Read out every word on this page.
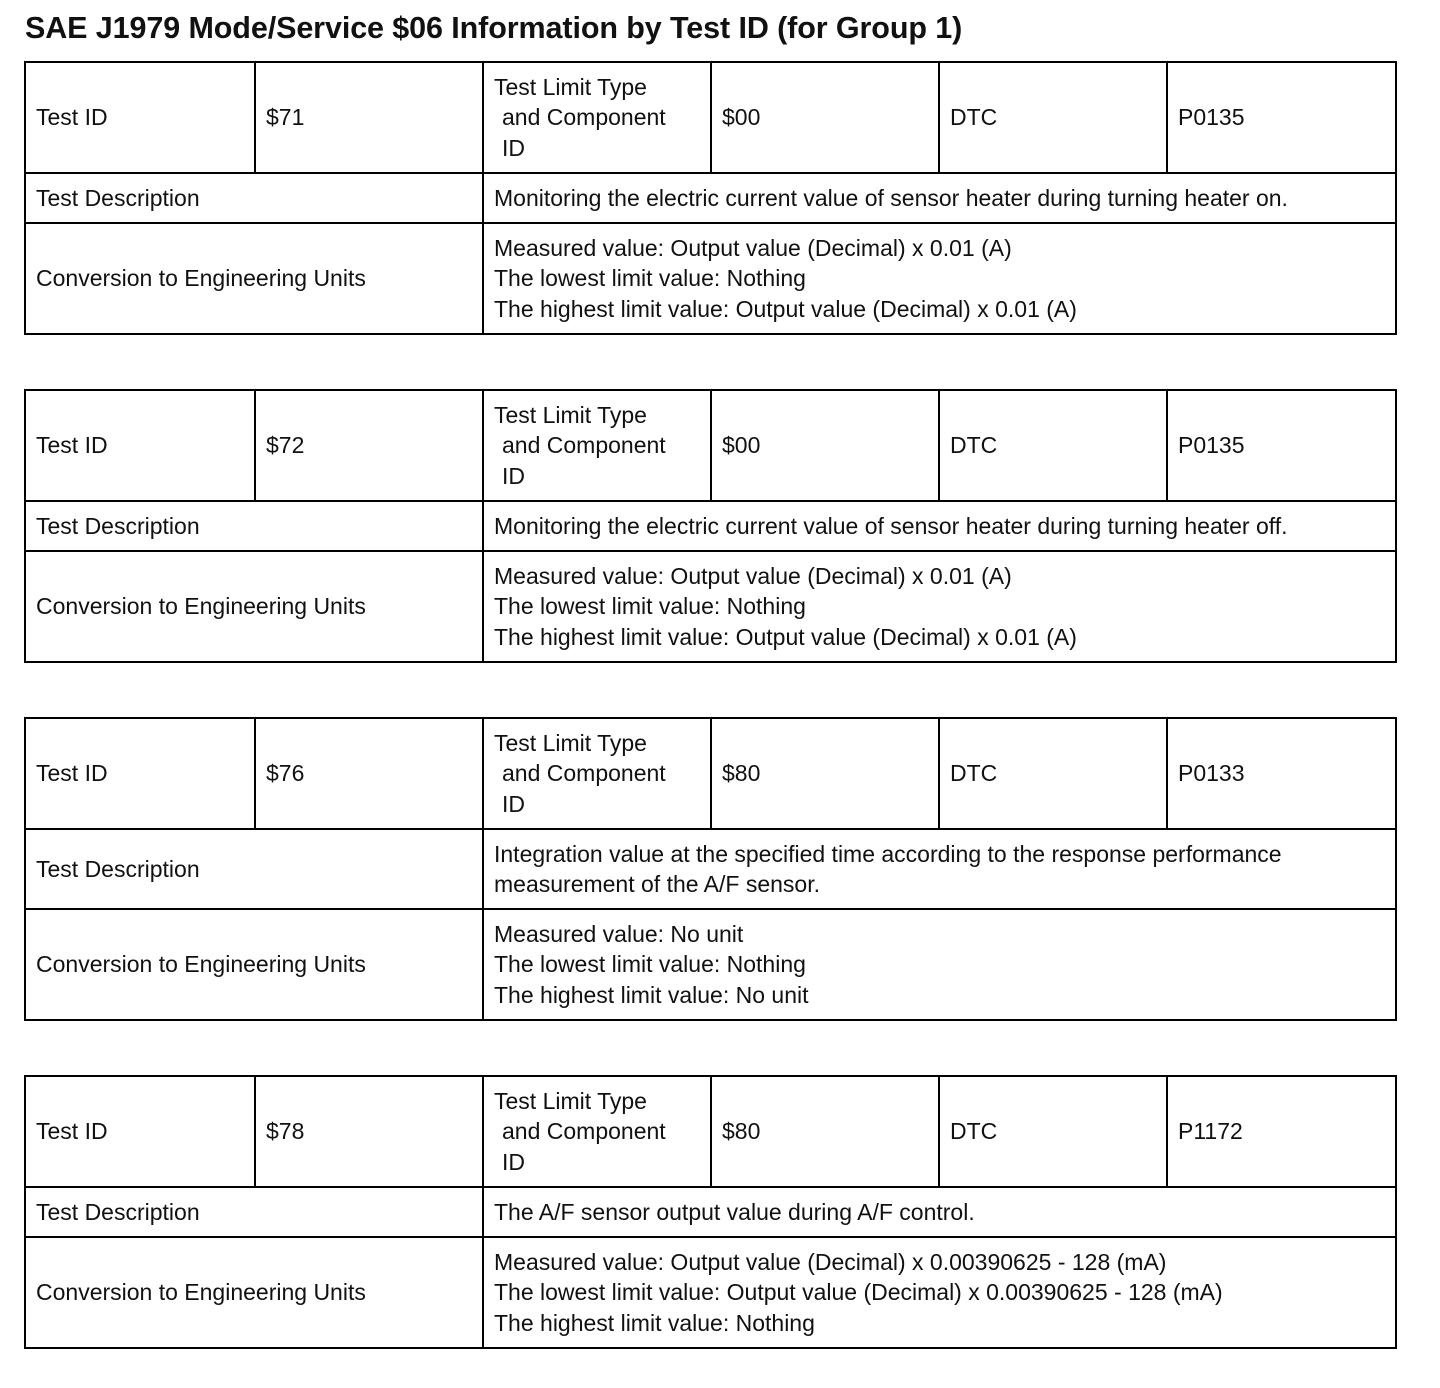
SAE J1979 Mode/Service $06 Information by Test ID (for Group 1)
Test ID	$71	Test Limit Type
and Component
ID	$00	DTC	P0135
Test Description		Monitoring the electric current value of sensor heater during turning heater on.			
Conversion to Engineering Units		Measured value: Output value (Decimal) x 0.01 (A)
The lowest limit value: Nothing
The highest limit value: Output value (Decimal) x 0.01 (A)			
Test ID	$72	Test Limit Type
and Component
ID	$00	DTC	P0135
Test Description		Monitoring the electric current value of sensor heater during turning heater off.			
Conversion to Engineering Units		Measured value: Output value (Decimal) x 0.01 (A)
The lowest limit value: Nothing
The highest limit value: Output value (Decimal) x 0.01 (A)			
Test ID	$76	Test Limit Type
and Component
ID	$80	DTC	P0133
Test Description		Integration value at the specified time according to the response performance
measurement of the A/F sensor.			

Conversion to Engineering Units		Measured value: No unit
The lowest limit value: Nothing
The highest limit value: No unit			
Test ID	$78	Test Limit Type
and Component
ID	$80	DTC	P1172
Test Description		The A/F sensor output value during A/F control.			
Conversion to Engineering Units		Measured value: Output value (Decimal) x 0.00390625 - 128 (mA)
The lowest limit value: Output value (Decimal) x 0.00390625 - 128 (mA)
The highest limit value: Nothing			
